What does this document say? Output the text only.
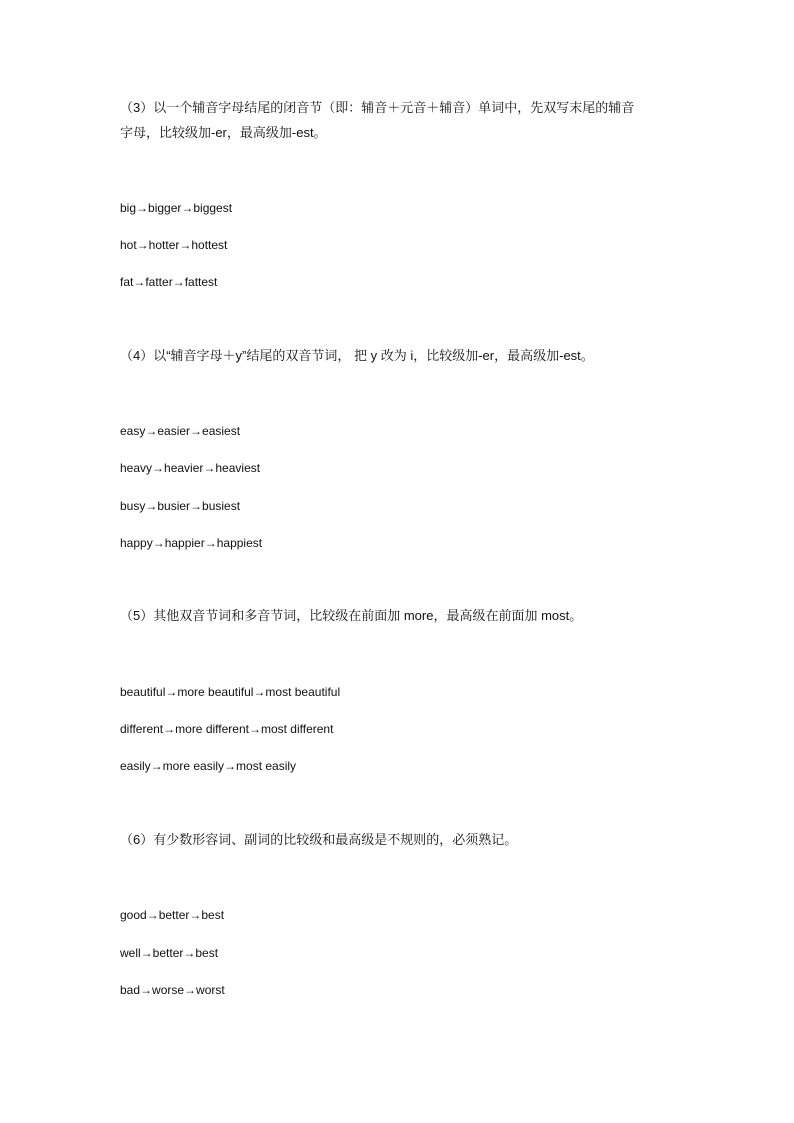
（3）以一个辅音字母结尾的闭音节（即：辅音＋元音＋辅音）单词中，先双写末尾的辅音
字母，比较级加-er，最高级加-est。
big→bigger→biggest
hot→hotter→hottest
fat→fatter→fattest
（4）以“辅音字母＋y”结尾的双音节词， 把 y 改为 i，比较级加-er，最高级加-est。
easy→easier→easiest
heavy→heavier→heaviest
busy→busier→busiest
happy→happier→happiest
（5）其他双音节词和多音节词，比较级在前面加 more，最高级在前面加 most。
beautiful→more beautiful→most beautiful
different→more different→most different
easily→more easily→most easily
（6）有少数形容词、副词的比较级和最高级是不规则的，必须熟记。
good→better→best
well→better→best
bad→worse→worst
